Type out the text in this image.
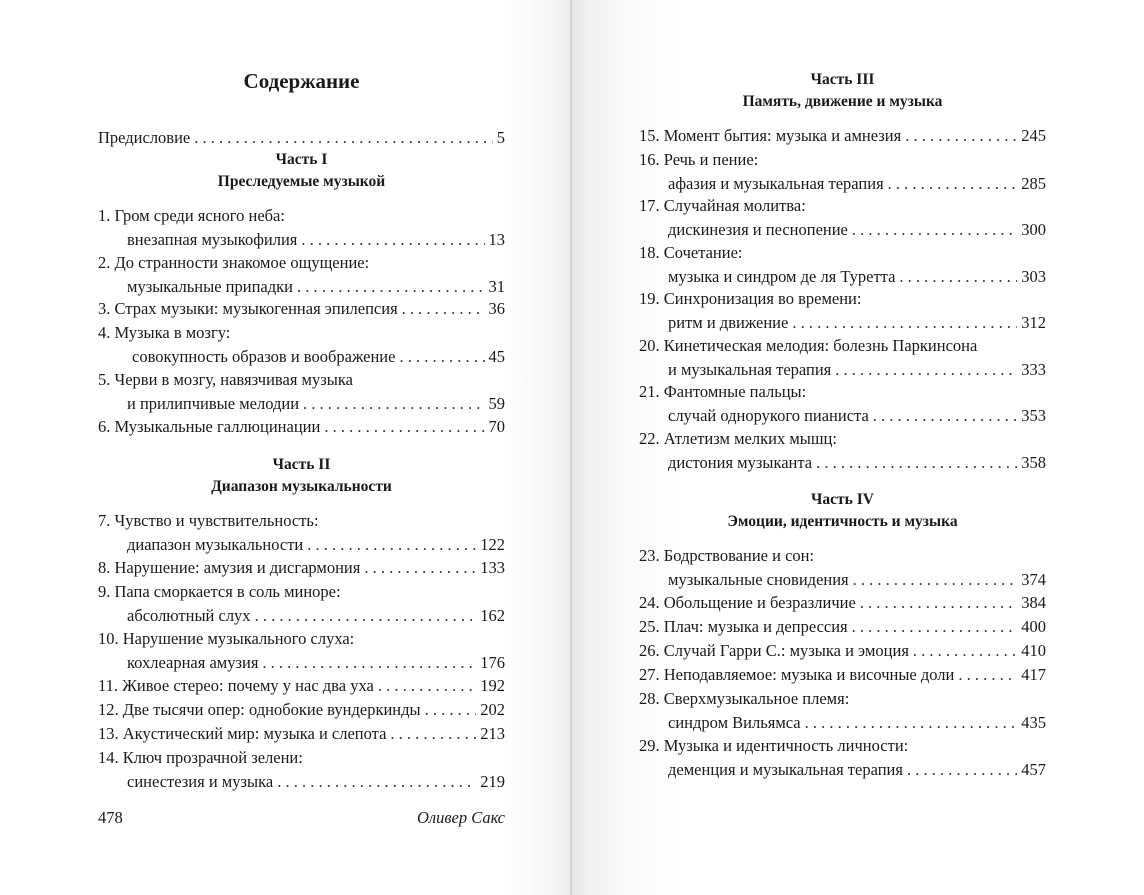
Содержание
Предисловие . . .	5
Часть I
Преследуемые музыкой
1. Гром среди ясного неба:
внезапная музыкофилия . . .	13
2. До странности знакомое ощущение:
музыкальные припадки . . .	31
3. Страх музыки: музыкогенная эпилепсия . . .	36
4. Музыка в мозгу:
совокупность образов и воображение . . .	45
5. Черви в мозгу, навязчивая музыка
и прилипчивые мелодии . . .	59
6. Музыкальные галлюцинации . . .	70
Часть II
Диапазон музыкальности
7. Чувство и чувствительность:
диапазон музыкальности . . .	122
8. Нарушение: амузия и дисгармония . . .	133
9. Папа сморкается в соль миноре:
абсолютный слух . . .	162
10. Нарушение музыкального слуха:
кохлеарная амузия . . .	176
11. Живое стерео: почему у нас два уха . . .	192
12. Две тысячи опер: однобокие вундеркинды . . .	202
13. Акустический мир: музыка и слепота . . .	213
14. Ключ прозрачной зелени:
синестезия и музыка . . .	219
478	Оливер Сакс
Часть III
Память, движение и музыка
15. Момент бытия: музыка и амнезия . . .	245
16. Речь и пение:
афазия и музыкальная терапия . . .	285
17. Случайная молитва:
дискинезия и песнопение . . .	300
18. Сочетание:
музыка и синдром де ля Туретта . . .	303
19. Синхронизация во времени:
ритм и движение . . .	312
20. Кинетическая мелодия: болезнь Паркинсона
и музыкальная терапия . . .	333
21. Фантомные пальцы:
случай однорукого пианиста . . .	353
22. Атлетизм мелких мышц:
дистония музыканта . . .	358
Часть IV
Эмоции, идентичность и музыка
23. Бодрствование и сон:
музыкальные сновидения . . .	374
24. Обольщение и безразличие . . .	384
25. Плач: музыка и депрессия . . .	400
26. Случай Гарри С.: музыка и эмоция . . .	410
27. Неподавляемое: музыка и височные доли . . .	417
28. Сверхмузыкальное племя:
синдром Вильямса . . .	435
29. Музыка и идентичность личности:
деменция и музыкальная терапия . . .	457
